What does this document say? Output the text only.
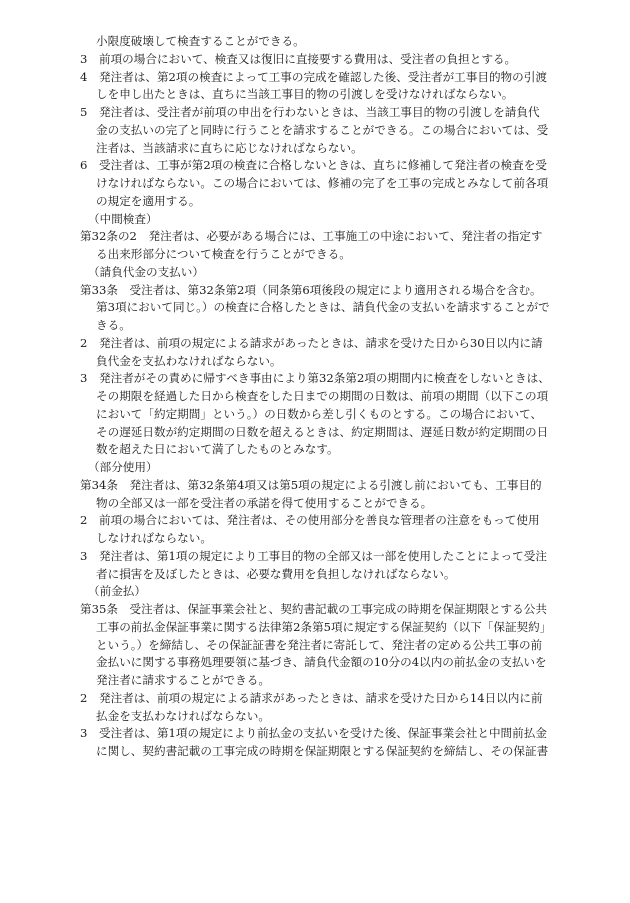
小限度破壊して検査することができる。

3　前項の場合において、検査又は復旧に直接要する費用は、受注者の負担とする。

4　発注者は、第2項の検査によって工事の完成を確認した後、受注者が工事目的物の引渡しを申し出たときは、直ちに当該工事目的物の引渡しを受けなければならない。

5　発注者は、受注者が前項の申出を行わないときは、当該工事目的物の引渡しを請負代金の支払いの完了と同時に行うことを請求することができる。この場合においては、受注者は、当該請求に直ちに応じなければならない。

6　受注者は、工事が第2項の検査に合格しないときは、直ちに修補して発注者の検査を受けなければならない。この場合においては、修補の完了を工事の完成とみなして前各項の規定を適用する。

（中間検査）

第32条の2　発注者は、必要がある場合には、工事施工の中途において、発注者の指定する出来形部分について検査を行うことができる。

（請負代金の支払い）

第33条　受注者は、第32条第2項（同条第6項後段の規定により適用される場合を含む。第3項において同じ。）の検査に合格したときは、請負代金の支払いを請求することができる。

2　発注者は、前項の規定による請求があったときは、請求を受けた日から30日以内に請負代金を支払わなければならない。

3　発注者がその責めに帰すべき事由により第32条第2項の期間内に検査をしないときは、その期限を経過した日から検査をした日までの期間の日数は、前項の期間（以下この項において「約定期間」という。）の日数から差し引くものとする。この場合において、その遅延日数が約定期間の日数を超えるときは、約定期間は、遅延日数が約定期間の日数を超えた日において満了したものとみなす。

（部分使用）

第34条　発注者は、第32条第4項又は第5項の規定による引渡し前においても、工事目的物の全部又は一部を受注者の承諾を得て使用することができる。

2　前項の場合においては、発注者は、その使用部分を善良な管理者の注意をもって使用しなければならない。

3　発注者は、第1項の規定により工事目的物の全部又は一部を使用したことによって受注者に損害を及ぼしたときは、必要な費用を負担しなければならない。

（前金払）

第35条　受注者は、保証事業会社と、契約書記載の工事完成の時期を保証期限とする公共工事の前払金保証事業に関する法律第2条第5項に規定する保証契約（以下「保証契約」という。）を締結し、その保証証書を発注者に寄託して、発注者の定める公共工事の前金払いに関する事務処理要領に基づき、請負代金額の10分の4以内の前払金の支払いを発注者に請求することができる。

2　発注者は、前項の規定による請求があったときは、請求を受けた日から14日以内に前払金を支払わなければならない。

3　受注者は、第1項の規定により前払金の支払いを受けた後、保証事業会社と中間前払金に関し、契約書記載の工事完成の時期を保証期限とする保証契約を締結し、その保証書
